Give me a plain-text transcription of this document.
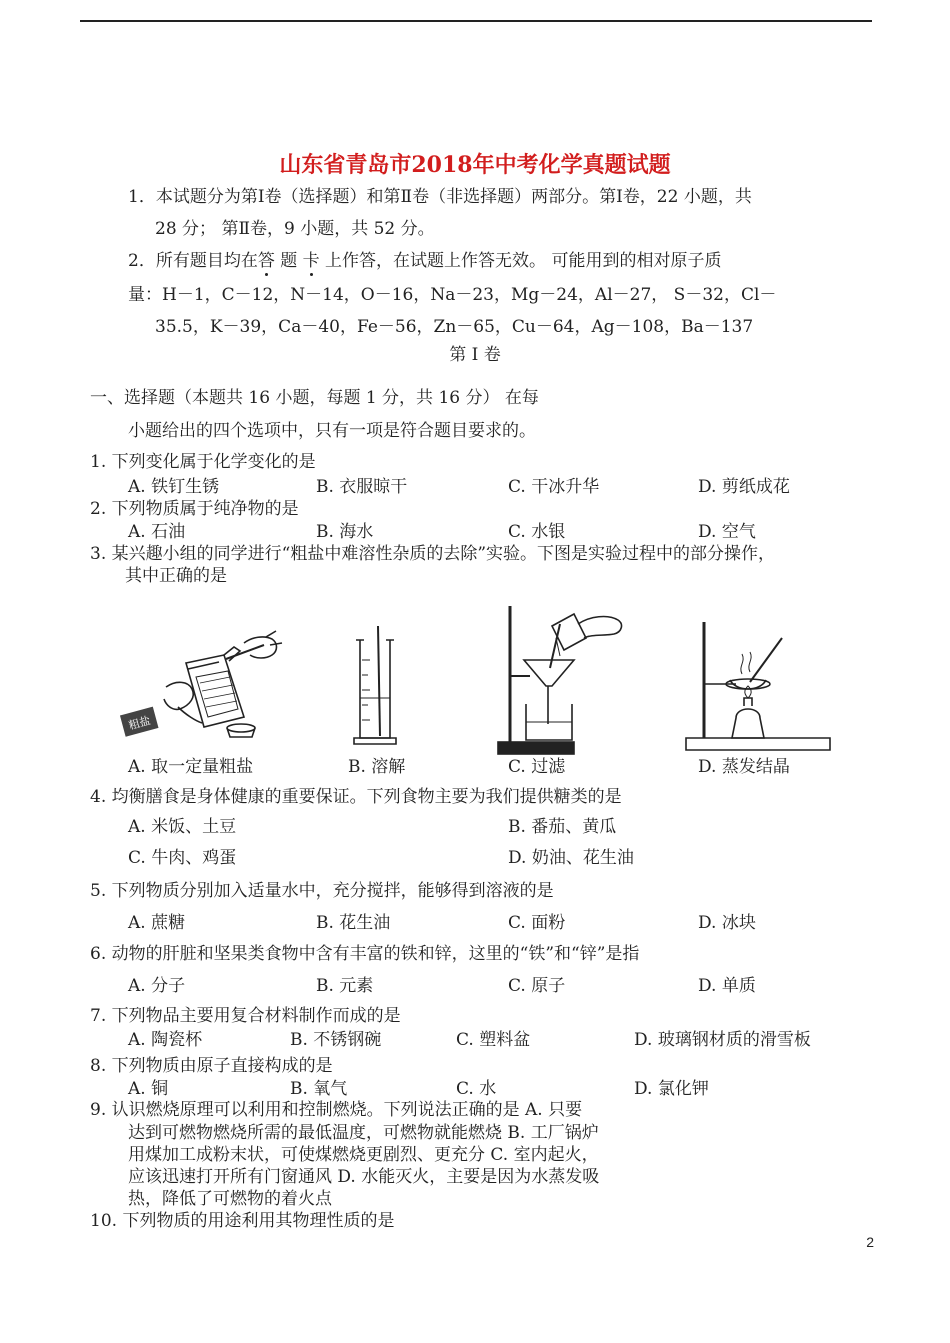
山东省青岛市2018年中考化学真题试题
1．本试题分为第Ⅰ卷（选择题）和第Ⅱ卷（非选择题）两部分。第Ⅰ卷，22 小题，共
28 分； 第Ⅱ卷，9 小题，共 52 分。
2．所有题目均在答 题 卡 上作答，在试题上作答无效。 可能用到的相对原子质
量：H－1，C－12，N－14，O－16，Na－23，Mg－24，Al－27， S－32，Cl－
35.5，K－39，Ca－40，Fe－56，Zn－65，Cu－64，Ag－108，Ba－137
第 I 卷
一、选择题（本题共 16 小题，每题 1 分，共 16 分） 在每
小题给出的四个选项中，只有一项是符合题目要求的。
1. 下列变化属于化学变化的是
A. 铁钉生锈	B. 衣服晾干	C. 干冰升华	D. 剪纸成花
2. 下列物质属于纯净物的是
A. 石油	B. 海水	C. 水银	D. 空气
3. 某兴趣小组的同学进行“粗盐中难溶性杂质的去除”实验。下图是实验过程中的部分操作，
其中正确的是
粗盐
A. 取一定量粗盐	B. 溶解	C. 过滤	D. 蒸发结晶
4. 均衡膳食是身体健康的重要保证。下列食物主要为我们提供糖类的是
A. 米饭、土豆	B. 番茄、黄瓜
C. 牛肉、鸡蛋	D. 奶油、花生油
5. 下列物质分别加入适量水中，充分搅拌，能够得到溶液的是
A. 蔗糖	B. 花生油	C. 面粉	D. 冰块
6. 动物的肝脏和坚果类食物中含有丰富的铁和锌，这里的“铁”和“锌”是指
A. 分子	B. 元素	C. 原子	D. 单质
7. 下列物品主要用复合材料制作而成的是
A. 陶瓷杯	B. 不锈钢碗	C. 塑料盆	D. 玻璃钢材质的滑雪板
8. 下列物质由原子直接构成的是
A. 铜	B. 氧气	C. 水	D. 氯化钾
9. 认识燃烧原理可以利用和控制燃烧。下列说法正确的是 A. 只要
达到可燃物燃烧所需的最低温度，可燃物就能燃烧 B. 工厂锅炉
用煤加工成粉末状，可使煤燃烧更剧烈、更充分 C. 室内起火，
应该迅速打开所有门窗通风 D. 水能灭火，主要是因为水蒸发吸
热，降低了可燃物的着火点
10. 下列物质的用途利用其物理性质的是
2
